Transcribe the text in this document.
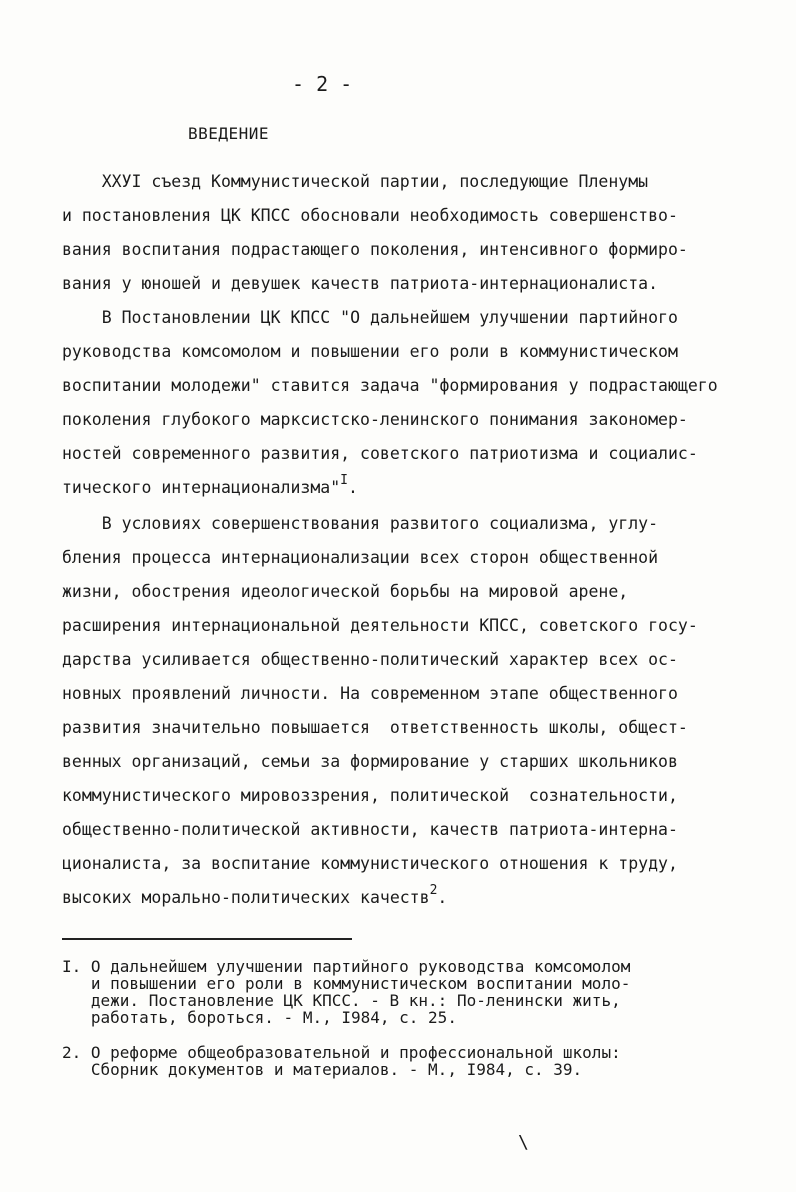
- 2 -
ВВЕДЕНИЕ
ХХУI съезд Коммунистической партии, последующие Пленумы
и постановления ЦК КПСС обосновали необходимость совершенство-
вания воспитания подрастающего поколения, интенсивного формиро-
вания у юношей и девушек качеств патриота-интернационалиста.
В Постановлении ЦК КПСС "О дальнейшем улучшении партийного
руководства комсомолом и повышении его роли в коммунистическом
воспитании молодежи" ставится задача "формирования у подрастающего
поколения глубокого марксистско-ленинского понимания закономер-
ностей современного развития, советского патриотизма и социалис-
тического интернационализма"$^I$.
В условиях совершенствования развитого социализма, углу-
бления процесса интернационализации всех сторон общественной
жизни, обострения идеологической борьбы на мировой арене,
расширения интернациональной деятельности КПСС, советского госу-
дарства усиливается общественно-политический характер всех ос-
новных проявлений личности. На современном этапе общественного
развития значительно повышается  ответственность школы, общест-
венных организаций, семьи за формирование у старших школьников
коммунистического мировоззрения, политической  сознательности,
общественно-политической активности, качеств патриота-интерна-
ционалиста, за воспитание коммунистического отношения к труду,
высоких морально-политических качеств$^2$.
I. О дальнейшем улучшении партийного руководства комсомолом
и повышении его роли в коммунистическом воспитании моло-
дежи. Постановление ЦК КПСС. - В кн.: По-ленински жить,
работать, бороться. - М., I984, с. 25.
2. О реформе общеобразовательной и профессиональной школы:
Сборник документов и материалов. - М., I984, с. 39.
\
